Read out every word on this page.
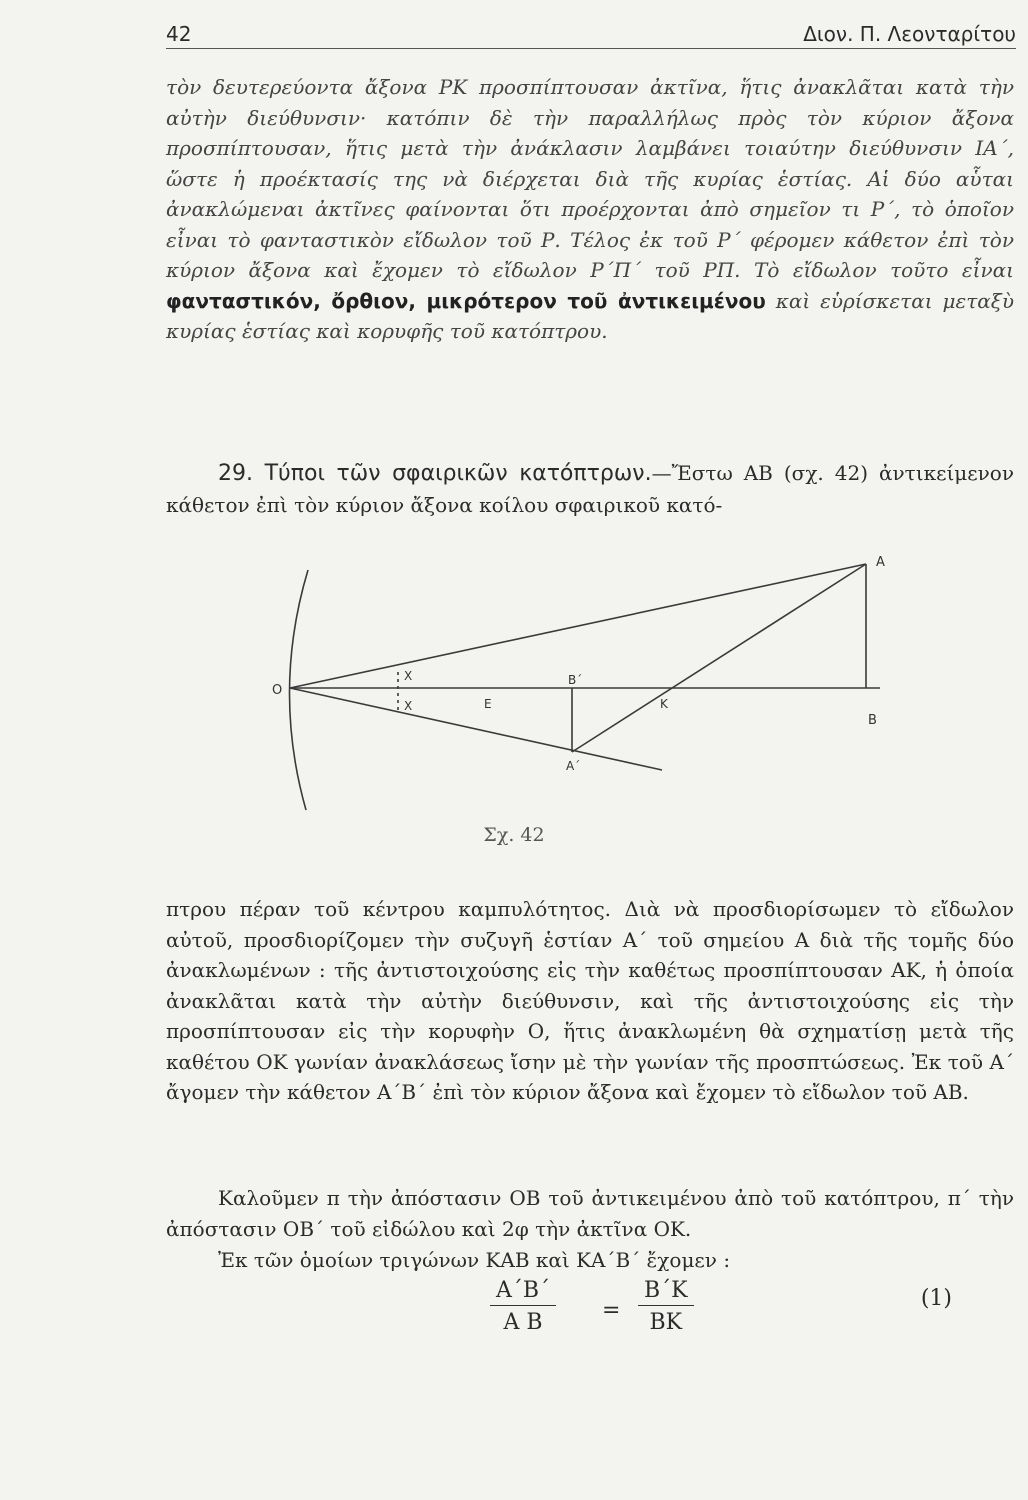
42	Διον. Π. Λεονταρίτου

τὸν δευτερεύοντα ἄξονα ΡΚ προσπίπτουσαν ἀκτῖνα, ἥτις ἀνακλᾶται κατὰ τὴν αὐτὴν διεύθυνσιν· κατόπιν δὲ τὴν παραλλήλως πρὸς τὸν κύριον ἄξονα προσπίπτουσαν, ἥτις μετὰ τὴν ἀνάκλασιν λαμβάνει τοιαύτην διεύθυνσιν ΙΑ΄, ὥστε ἡ προέκτασίς της νὰ διέρχεται διὰ τῆς κυρίας ἑστίας. Αἱ δύο αὗται ἀνακλώμεναι ἀκτῖνες φαίνονται ὅτι προέρχονται ἀπὸ σημεῖον τι Ρ΄, τὸ ὁποῖον εἶναι τὸ φανταστικὸν εἴδωλον τοῦ Ρ. Τέλος ἐκ τοῦ Ρ΄ φέρομεν κάθετον ἐπὶ τὸν κύριον ἄξονα καὶ ἔχομεν τὸ εἴδωλον Ρ΄Π΄ τοῦ ΡΠ. Τὸ εἴδωλον τοῦτο εἶναι φανταστικόν, ὄρθιον, μικρότερον τοῦ ἀντικειμένου καὶ εὑρίσκεται μεταξὺ κυρίας ἑστίας καὶ κορυφῆς τοῦ κατόπτρου.

29. Τύποι τῶν σφαιρικῶν κατόπτρων.—Ἔστω ΑΒ (σχ. 42) ἀντικείμενον κάθετον ἐπὶ τὸν κύριον ἄξονα κοίλου σφαιρικοῦ κατό-

Α
Ο
Χ
Χ	Ε
Β΄
Κ
Β
Α΄
Σχ. 42

πτρου πέραν τοῦ κέντρου καμπυλότητος. Διὰ νὰ προσδιορίσωμεν τὸ εἴδωλον αὐτοῦ, προσδιορίζομεν τὴν συζυγῆ ἑστίαν Α΄ τοῦ σημείου Α διὰ τῆς τομῆς δύο ἀνακλωμένων : τῆς ἀντιστοιχούσης εἰς τὴν καθέτως προσπίπτουσαν ΑΚ, ἡ ὁποία ἀνακλᾶται κατὰ τὴν αὐτὴν διεύθυνσιν, καὶ τῆς ἀντιστοιχούσης εἰς τὴν προσπίπτουσαν εἰς τὴν κορυφὴν Ο, ἥτις ἀνακλωμένη θὰ σχηματίσῃ μετὰ τῆς καθέτου ΟΚ γωνίαν ἀνακλάσεως ἴσην μὲ τὴν γωνίαν τῆς προσπτώσεως. Ἐκ τοῦ Α΄ ἄγομεν τὴν κάθετον Α΄Β΄ ἐπὶ τὸν κύριον ἄξονα καὶ ἔχομεν τὸ εἴδωλον τοῦ ΑΒ.

Καλοῦμεν π τὴν ἀπόστασιν ΟΒ τοῦ ἀντικειμένου ἀπὸ τοῦ κατόπτρου, π΄ τὴν ἀπόστασιν ΟΒ΄ τοῦ εἰδώλου καὶ 2φ τὴν ἀκτῖνα ΟΚ.

Ἐκ τῶν ὁμοίων τριγώνων ΚΑΒ καὶ ΚΑ΄Β΄ ἔχομεν :

$\frac{A΄B΄}{\text{Α Β}} = \frac{B΄K}{BK}$	(1)
